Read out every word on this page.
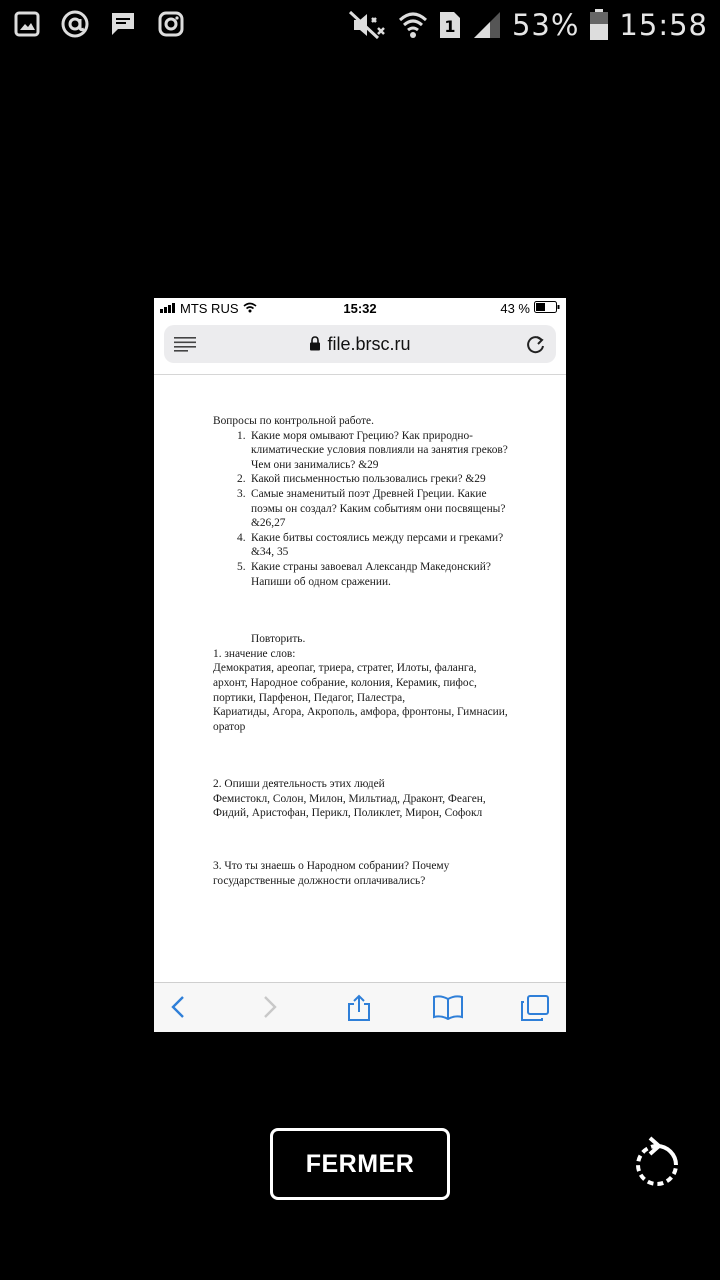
1 53% 15:58
MTS RUS	15:32	43 %
file.brsc.ru
Вопросы по контрольной работе.
1. Какие моря омывают Грецию? Как природно-
климатические условия повлияли на занятия греков?
Чем они занимались? &29
2. Какой письменностью пользовались греки? &29
3. Самые знаменитый поэт Древней Греции. Какие
поэмы он создал? Каким событиям они посвящены?
&26,27
4. Какие битвы состоялись между персами и греками?
&34, 35
5. Какие страны завоевал Александр Македонский?
Напиши об одном сражении.
Повторить.
1. значение слов:
Демократия, ареопаг, триера, стратег, Илоты, фаланга,
архонт, Народное собрание, колония, Керамик, пифос,
портики, Парфенон, Педагог, Палестра,
Кариатиды, Агора, Акрополь, амфора, фронтоны, Гимнасии,
оратор
2. Опиши деятельность этих людей
Фемистокл, Солон, Милон, Мильтиад, Драконт, Феаген,
Фидий, Аристофан, Перикл, Поликлет, Мирон, Софокл
3. Что ты знаешь о Народном собрании? Почему
государственные должности оплачивались?
FERMER
